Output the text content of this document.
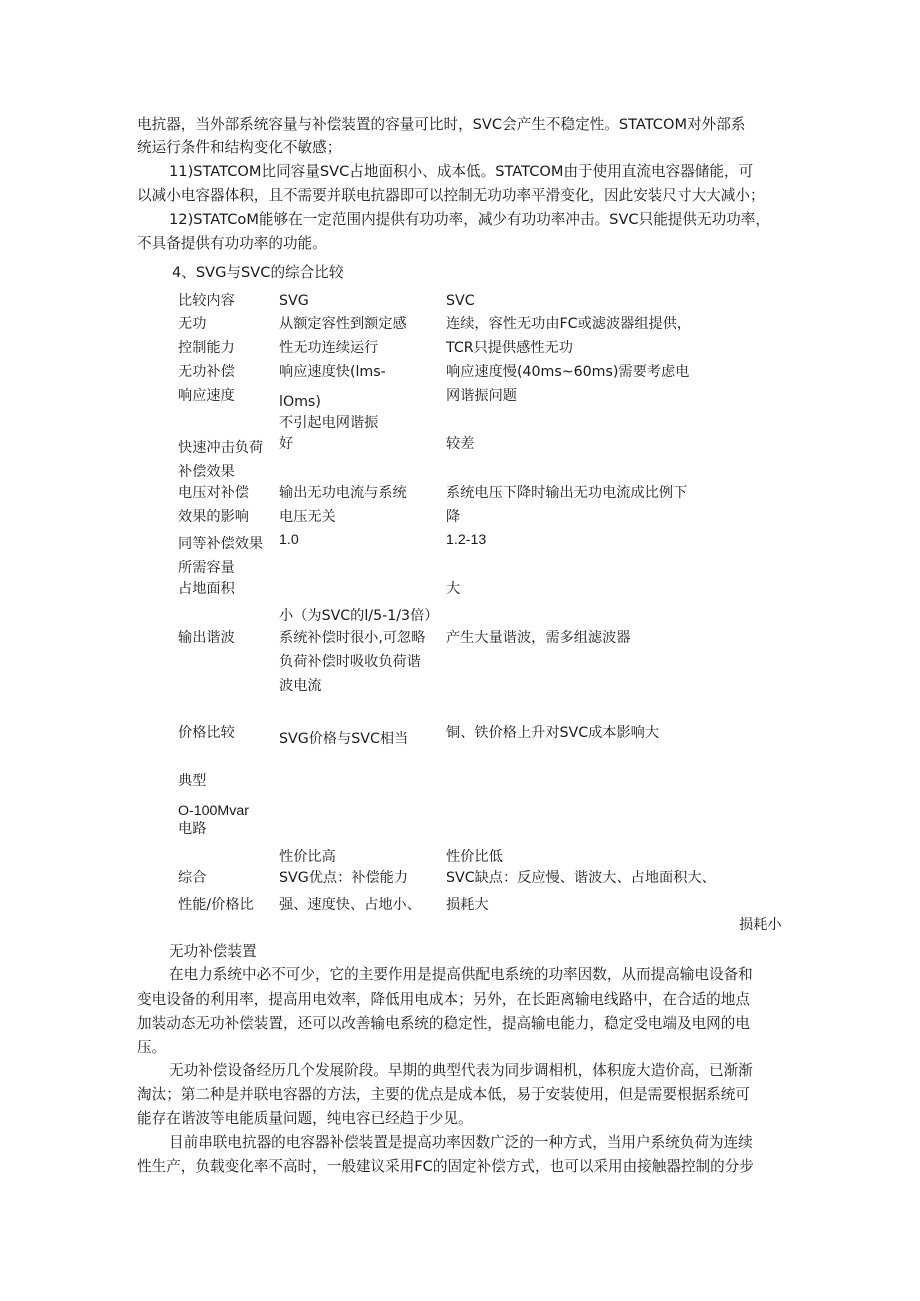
电抗器，当外部系统容量与补偿装置的容量可比时，SVC会产生不稳定性。STATCOM对外部系
统运行条件和结构变化不敏感；
11)STATCOM比同容量SVC占地面积小、成本低。STATCOM由于使用直流电容器储能，可
以减小电容器体积，且不需要并联电抗器即可以控制无功功率平滑变化，因此安装尺寸大大减小；
12)STATCoM能够在一定范围内提供有功功率，减少有功功率冲击。SVC只能提供无功功率，
不具备提供有功功率的功能。
4、SVG与SVC的综合比较
比较内容
无功
控制能力
无功补偿
响应速度
快速冲击负荷
补偿效果
电压对补偿
效果的影响
同等补偿效果
所需容量
占地面积
输出谐波
价格比较
典型
O-100Mvar
电路
综合
性能/价格比
SVG
从额定容性到额定感
性无功连续运行
响应速度快(lms-
lOms)
不引起电网谐振
好
输出无功电流与系统
电压无关
1.0
小（为SVC的l/5-1/3倍）
系统补偿时很小,可忽略
负荷补偿时吸收负荷谐
波电流
SVG价格与SVC相当
性价比高
SVG优点：补偿能力
强、速度快、占地小、
SVC
连续，容性无功由FC或滤波器组提供，
TCR只提供感性无功
响应速度慢(40ms~60ms)需要考虑电
网谐振问题
较差
系统电压下降时输出无功电流成比例下
降
1.2-13
大
产生大量谐波，需多组滤波器
铜、铁价格上升对SVC成本影响大
性价比低
SVC缺点：反应慢、谐波大、占地面积大、
损耗大
损耗小
无功补偿装置
在电力系统中必不可少，它的主要作用是提高供配电系统的功率因数，从而提高输电设备和
变电设备的利用率，提高用电效率，降低用电成本；另外，在长距离输电线路中，在合适的地点
加装动态无功补偿装置，还可以改善输电系统的稳定性，提高输电能力，稳定受电端及电网的电
压。
无功补偿设备经历几个发展阶段。早期的典型代表为同步调相机，体积庞大造价高，已渐渐
淘汰；第二种是并联电容器的方法，主要的优点是成本低，易于安装使用，但是需要根据系统可
能存在谐波等电能质量问题，纯电容已经趋于少见。
目前串联电抗器的电容器补偿装置是提高功率因数广泛的一种方式，当用户系统负荷为连续
性生产，负载变化率不高时，一般建议采用FC的固定补偿方式，也可以采用由接触器控制的分步
